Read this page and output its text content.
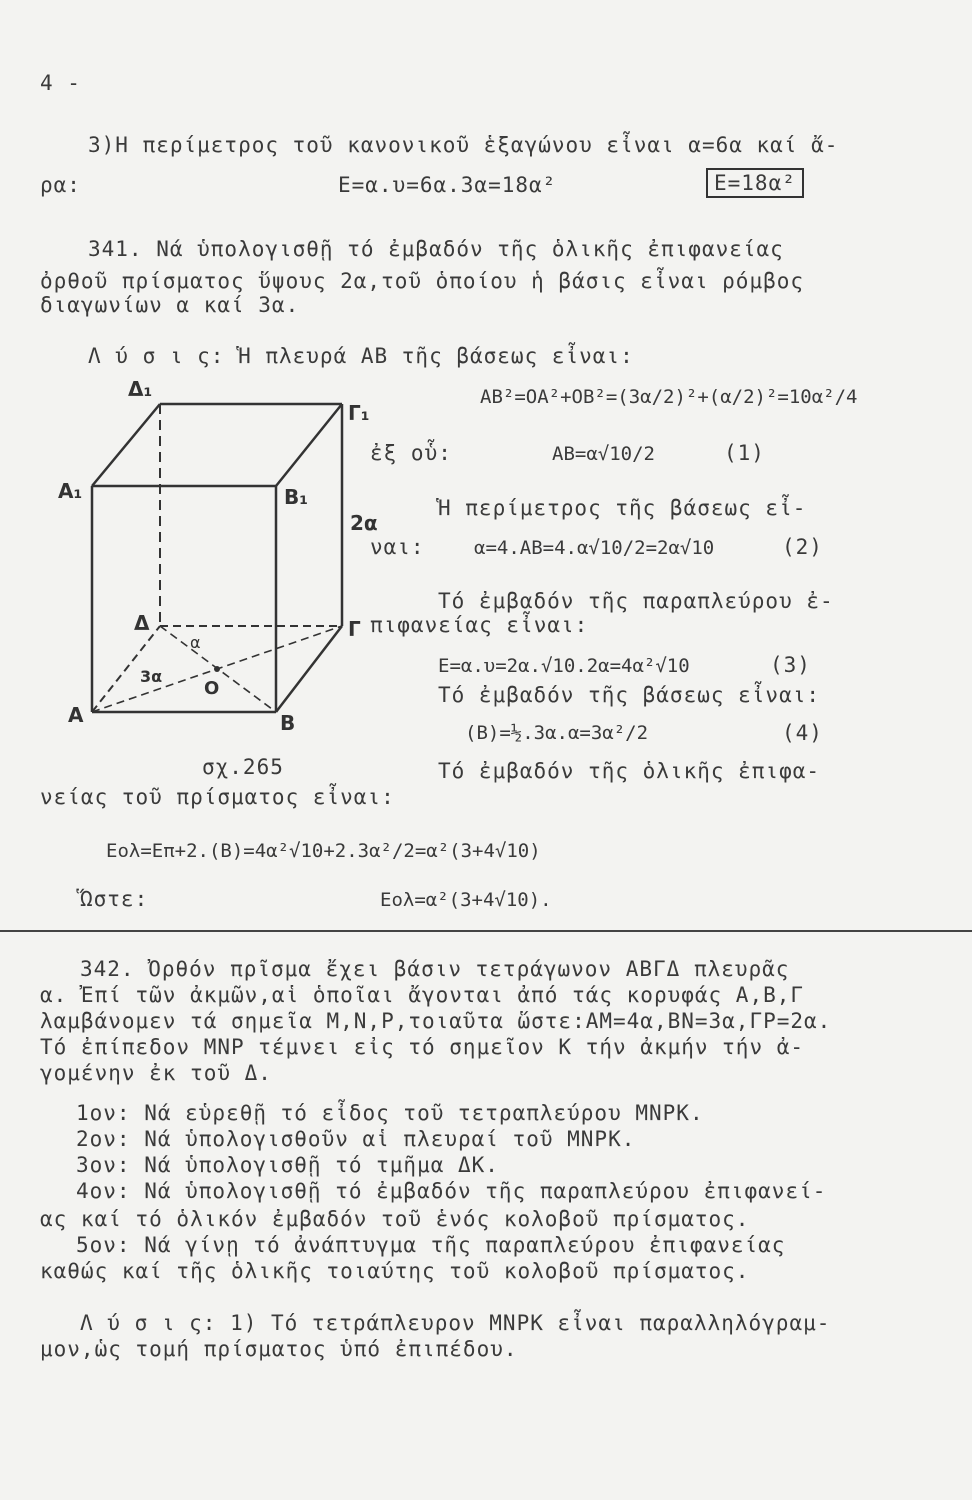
4 -
3)Η περίμετρος τοῦ κανονικοῦ ἑξαγώνου εἶναι α=6α καί ἄ-
ρα:	E=α.υ=6α.3α=18α²	E=18α²
341. Νά ὑπολογισθῇ τό ἐμβαδόν τῆς ὁλικῆς ἐπιφανείας
ὀρθοῦ πρίσματος ὕψους 2α,τοῦ ὁποίου ἡ βάσις εἶναι ρόμβος
διαγωνίων α καί 3α.
Λ ύ σ ι ς: Ἡ πλευρά AB τῆς βάσεως εἶναι:
AB²=OA²+OB²=(3α/2)²+(α/2)²=10α²/4
ἐξ οὗ:	AB=α√10/2	(1)
Ἡ περίμετρος τῆς βάσεως εἶ-
ναι:	α=4.AB=4.α√10/2=2α√10	(2)
Τό ἐμβαδόν τῆς παραπλεύρου ἐ-
πιφανείας εἶναι:
E=α.υ=2α.√10.2α=4α²√10	(3)
Τό ἐμβαδόν τῆς βάσεως εἶναι:
(B)=½.3α.α=3α²/2	(4)
Τό ἐμβαδόν τῆς ὁλικῆς ἐπιφα-
νείας τοῦ πρίσματος εἶναι:
Eολ=Eπ+2.(B)=4α²√10+2.3α²/2=α²(3+4√10)
Ὥστε:	Eολ=α²(3+4√10).
Δ₁
Γ₁
A₁	B₁
2α
Δ	Γ
α
3α
O
A	B
σχ.265
342. Ὀρθόν πρῖσμα ἔχει βάσιν τετράγωνον ΑΒΓΔ πλευρᾶς
α. Ἐπί τῶν ἀκμῶν,αἱ ὁποῖαι ἄγονται ἀπό τάς κορυφάς Α,Β,Γ
λαμβάνομεν τά σημεῖα Μ,Ν,Ρ,τοιαῦτα ὥστε:ΑΜ=4α,ΒΝ=3α,ΓΡ=2α.
Τό ἐπίπεδον ΜΝΡ τέμνει εἰς τό σημεῖον Κ τήν ἀκμήν τήν ἀ-
γομένην ἐκ τοῦ Δ.
1ον: Νά εὑρεθῇ τό εἶδος τοῦ τετραπλεύρου ΜΝΡΚ.
2ον: Νά ὑπολογισθοῦν αἱ πλευραί τοῦ ΜΝΡΚ.
3ον: Νά ὑπολογισθῇ τό τμῆμα ΔΚ.
4ον: Νά ὑπολογισθῇ τό ἐμβαδόν τῆς παραπλεύρου ἐπιφανεί-
ας καί τό ὁλικόν ἐμβαδόν τοῦ ἑνός κολοβοῦ πρίσματος.
5ον: Νά γίνῃ τό ἀνάπτυγμα τῆς παραπλεύρου ἐπιφανείας
καθώς καί τῆς ὁλικῆς τοιαύτης τοῦ κολοβοῦ πρίσματος.
Λ ύ σ ι ς: 1) Τό τετράπλευρον ΜΝΡΚ εἶναι παραλληλόγραμ-
μον,ὡς τομή πρίσματος ὑπό ἐπιπέδου.
